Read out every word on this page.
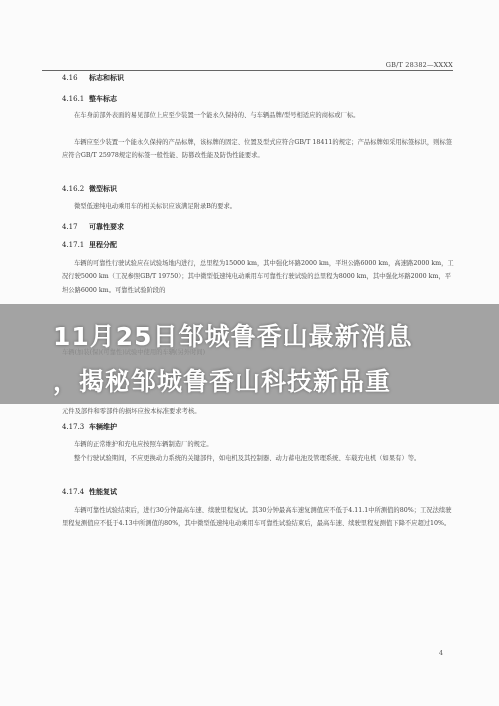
GB/T 28382—XXXX
4.16 标志和标识
4.16.1 整车标志
在车身前部外表面的易见部位上应至少装置一个能永久保持的、与车辆品牌/型号相适应的商标或厂标。
车辆应至少装置一个能永久保持的产品标牌，该标牌的固定、位置及型式应符合GB/T 18411的规定；产品标牌如采用标签标识，则标签应符合GB/T 25978规定的标签一般性能、防篡改性能及防伪性能要求。
4.16.2 微型标识
微型低速纯电动乘用车的相关标识应该满足附录B的要求。
4.17 可靠性要求
4.17.1 里程分配
车辆的可靠性行驶试验应在试验场地内进行，总里程为15000 km，其中强化坏路2000 km，平坦公路6000 km，高速路2000 km，工况行驶5000 km（工况参照GB/T 19750）；其中微型低速纯电动乘用车可靠性行驶试验的总里程为8000 km，其中强化坏路2000 km，平坦公路6000 km。可靠性试验阶段的
元件及部件和零部件的损坏应按本标准要求考核。
4.17.3 车辆维护
车辆的正常维护和充电应按照车辆制造厂的规定。
整个行驶试验期间，不应更换动力系统的关键部件，如电机及其控制器、动力蓄电池及管理系统、车载充电机（如果有）等。
4.17.4 性能复试
车辆可靠性试验结束后，进行30分钟最高车速、续驶里程复试。其30分钟最高车速复测值应不低于4.11.1中所测值的80%；工况法续驶里程复测值应不低于4.13中所测值的80%，其中微型低速纯电动乘用车可靠性试验结束后，最高车速、续驶里程复测值下降不应超过10%。
4
车辆(加装(保)(可靠性)试验中使用的车辆(另外时间)
11月25日邹城鲁香山最新消息
，揭秘邹城鲁香山科技新品重
